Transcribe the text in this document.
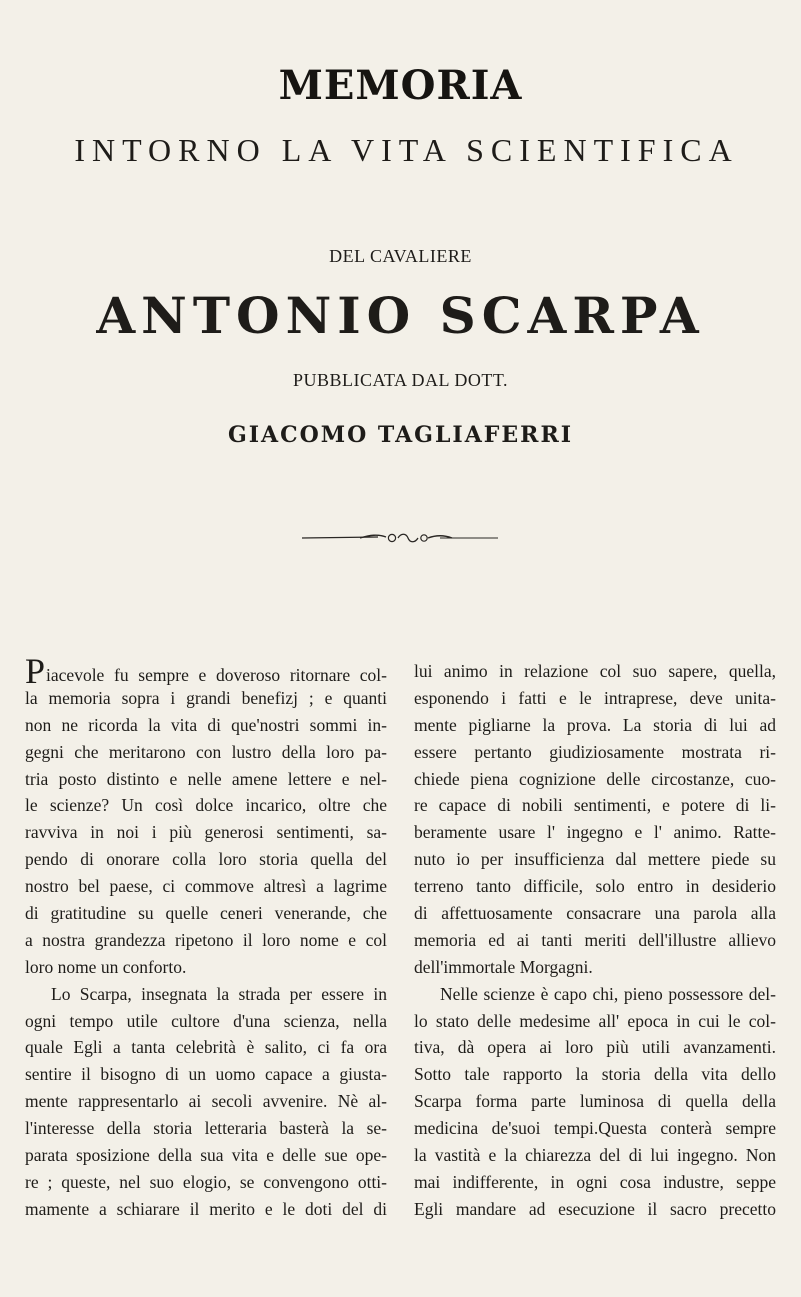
MEMORIA
INTORNO LA VITA SCIENTIFICA
DEL CAVALIERE
ANTONIO SCARPA
PUBBLICATA DAL DOTT.
GIACOMO TAGLIAFERRI
Piacevole fu sempre e doveroso ritornare col-
la memoria sopra i grandi benefizj ; e quanti
non ne ricorda la vita di que'nostri sommi in-
gegni che meritarono con lustro della loro pa-
tria posto distinto e nelle amene lettere e nel-
le scienze? Un così dolce incarico, oltre che
ravviva in noi i più generosi sentimenti, sa-
pendo di onorare colla loro storia quella del
nostro bel paese, ci commove altresì a lagrime
di gratitudine su quelle ceneri venerande, che
a nostra grandezza ripetono il loro nome e col
loro nome un conforto.
Lo Scarpa, insegnata la strada per essere in
ogni tempo utile cultore d'una scienza, nella
quale Egli a tanta celebrità è salito, ci fa ora
sentire il bisogno di un uomo capace a giusta-
mente rappresentarlo ai secoli avvenire. Nè al-
l'interesse della storia letteraria basterà la se-
parata sposizione della sua vita e delle sue ope-
re ; queste, nel suo elogio, se convengono otti-
mamente a schiarare il merito e le doti del di
lui animo in relazione col suo sapere, quella,
esponendo i fatti e le intraprese, deve unita-
mente pigliarne la prova. La storia di lui ad
essere pertanto giudiziosamente mostrata ri-
chiede piena cognizione delle circostanze, cuo-
re capace di nobili sentimenti, e potere di li-
beramente usare l' ingegno e l' animo. Ratte-
nuto io per insufficienza dal mettere piede su
terreno tanto difficile, solo entro in desiderio
di affettuosamente consacrare una parola alla
memoria ed ai tanti meriti dell'illustre allievo
dell'immortale Morgagni.
Nelle scienze è capo chi, pieno possessore del-
lo stato delle medesime all' epoca in cui le col-
tiva, dà opera ai loro più utili avanzamenti.
Sotto tale rapporto la storia della vita dello
Scarpa forma parte luminosa di quella della
medicina de'suoi tempi.Questa conterà sempre
la vastità e la chiarezza del di lui ingegno. Non
mai indifferente, in ogni cosa industre, seppe
Egli mandare ad esecuzione il sacro precetto
